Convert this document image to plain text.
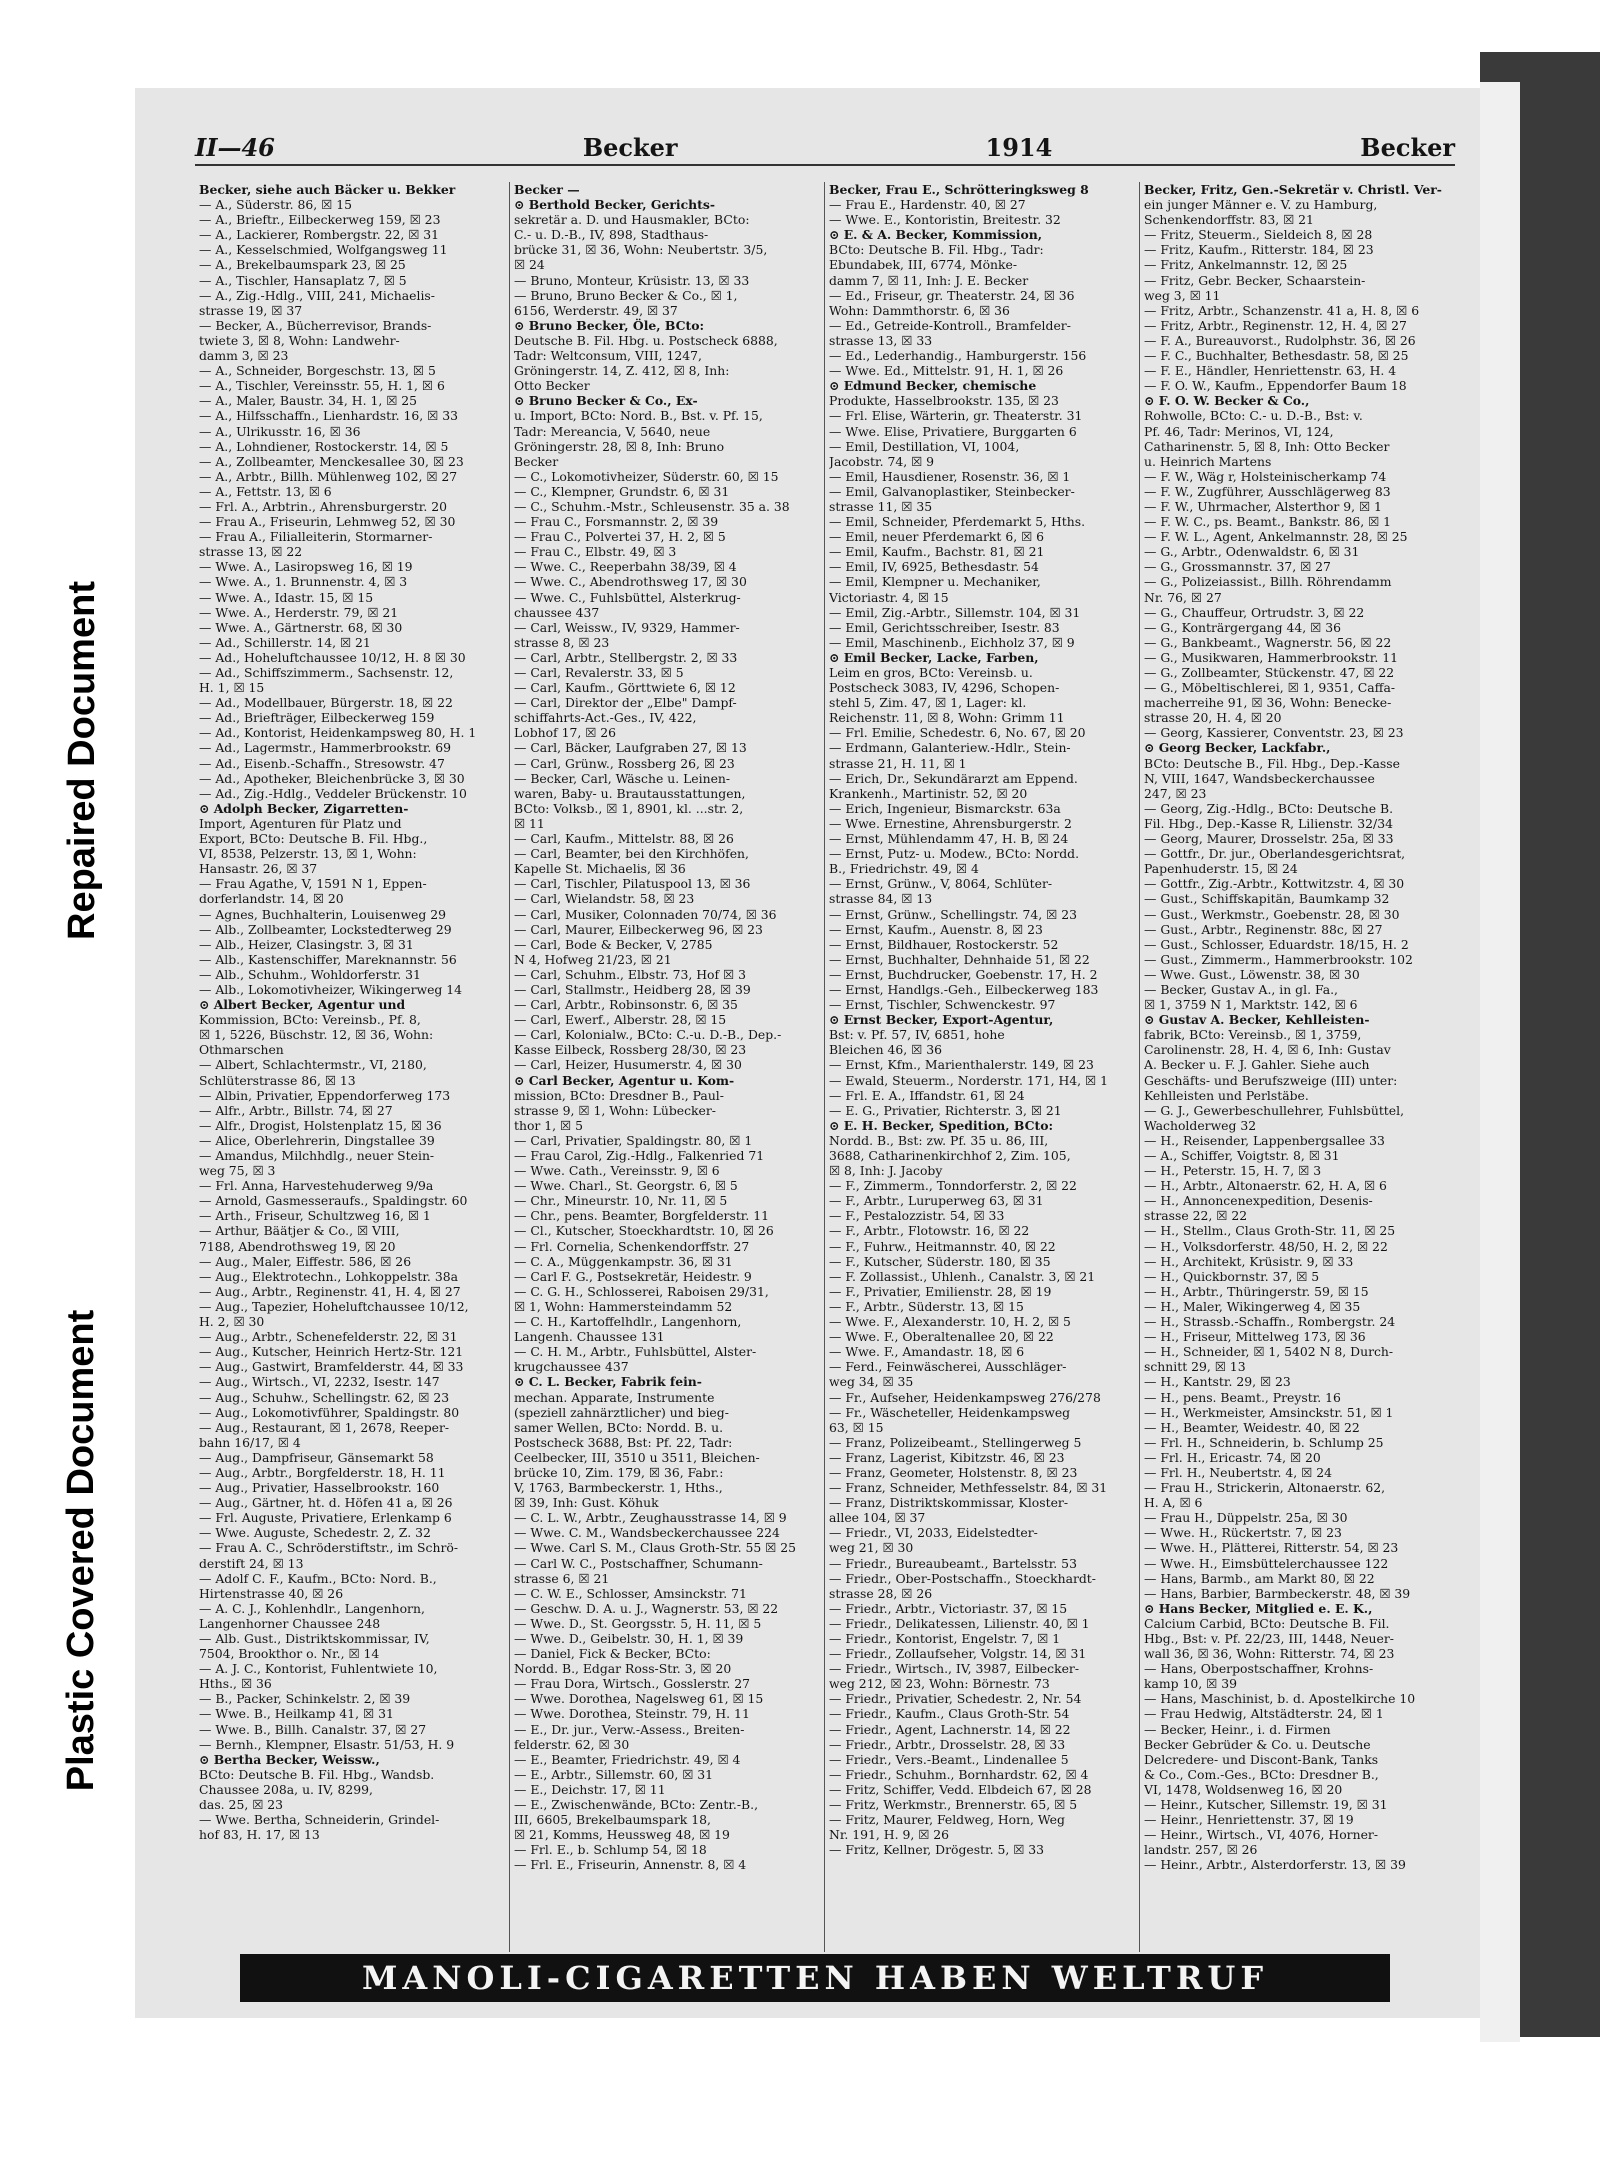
Repaired Document
Plastic Covered Document
II—46	Becker	1914	Becker
Becker, siehe auch Bäcker u. Bekker
— A., Süderstr. 86, ☒ 15
— A., Brieftr., Eilbeckerweg 159, ☒ 23
— A., Lackierer, Rombergstr. 22, ☒ 31
— A., Kesselschmied, Wolfgangsweg 11
— A., Brekelbaumspark 23, ☒ 25
— A., Tischler, Hansaplatz 7, ☒ 5
— A., Zig.-Hdlg., VIII, 241, Michaelis-
strasse 19, ☒ 37
— Becker, A., Bücherrevisor, Brands-
twiete 3, ☒ 8, Wohn: Landwehr-
damm 3, ☒ 23
— A., Schneider, Borgeschstr. 13, ☒ 5
— A., Tischler, Vereinsstr. 55, H. 1, ☒ 6
— A., Maler, Baustr. 34, H. 1, ☒ 25
— A., Hilfsschaffn., Lienhardstr. 16, ☒ 33
— A., Ulrikusstr. 16, ☒ 36
— A., Lohndiener, Rostockerstr. 14, ☒ 5
— A., Zollbeamter, Menckesallee 30, ☒ 23
— A., Arbtr., Billh. Mühlenweg 102, ☒ 27
— A., Fettstr. 13, ☒ 6
— Frl. A., Arbtrin., Ahrensburgerstr. 20
— Frau A., Friseurin, Lehmweg 52, ☒ 30
— Frau A., Filialleiterin, Stormarner-
strasse 13, ☒ 22
— Wwe. A., Lasiropsweg 16, ☒ 19
— Wwe. A., 1. Brunnenstr. 4, ☒ 3
— Wwe. A., Idastr. 15, ☒ 15
— Wwe. A., Herderstr. 79, ☒ 21
— Wwe. A., Gärtnerstr. 68, ☒ 30
— Ad., Schillerstr. 14, ☒ 21
— Ad., Hoheluftchaussee 10/12, H. 8 ☒ 30
— Ad., Schiffszimmerm., Sachsenstr. 12,
H. 1, ☒ 15
— Ad., Modellbauer, Bürgerstr. 18, ☒ 22
— Ad., Briefträger, Eilbeckerweg 159
— Ad., Kontorist, Heidenkampsweg 80, H. 1
— Ad., Lagermstr., Hammerbrookstr. 69
— Ad., Eisenb.-Schaffn., Stresowstr. 47
— Ad., Apotheker, Bleichenbrücke 3, ☒ 30
— Ad., Zig.-Hdlg., Veddeler Brückenstr. 10
⊙ Adolph Becker, Zigarretten-
Import, Agenturen für Platz und
Export, BCto: Deutsche B. Fil. Hbg.,
VI, 8538, Pelzerstr. 13, ☒ 1, Wohn:
Hansastr. 26, ☒ 37
— Frau Agathe, V, 1591 N 1, Eppen-
dorferlandstr. 14, ☒ 20
— Agnes, Buchhalterin, Louisenweg 29
— Alb., Zollbeamter, Lockstedterweg 29
— Alb., Heizer, Clasingstr. 3, ☒ 31
— Alb., Kastenschiffer, Mareknannstr. 56
— Alb., Schuhm., Wohldorferstr. 31
— Alb., Lokomotivheizer, Wikingerweg 14
⊙ Albert Becker, Agentur und
Kommission, BCto: Vereinsb., Pf. 8,
☒ 1, 5226, Büschstr. 12, ☒ 36, Wohn:
Othmarschen
— Albert, Schlachtermstr., VI, 2180,
Schlüterstrasse 86, ☒ 13
— Albin, Privatier, Eppendorferweg 173
— Alfr., Arbtr., Billstr. 74, ☒ 27
— Alfr., Drogist, Holstenplatz 15, ☒ 36
— Alice, Oberlehrerin, Dingstallee 39
— Amandus, Milchhdlg., neuer Stein-
weg 75, ☒ 3
— Frl. Anna, Harvestehuderweg 9/9a
— Arnold, Gasmesseraufs., Spaldingstr. 60
— Arth., Friseur, Schultzweg 16, ☒ 1
— Arthur, Bäätjer & Co., ☒ VIII,
7188, Abendrothsweg 19, ☒ 20
— Aug., Maler, Eiffestr. 586, ☒ 26
— Aug., Elektrotechn., Lohkoppelstr. 38a
— Aug., Arbtr., Reginenstr. 41, H. 4, ☒ 27
— Aug., Tapezier, Hoheluftchaussee 10/12,
H. 2, ☒ 30
— Aug., Arbtr., Schenefelderstr. 22, ☒ 31
— Aug., Kutscher, Heinrich Hertz-Str. 121
— Aug., Gastwirt, Bramfelderstr. 44, ☒ 33
— Aug., Wirtsch., VI, 2232, Isestr. 147
— Aug., Schuhw., Schellingstr. 62, ☒ 23
— Aug., Lokomotivführer, Spaldingstr. 80
— Aug., Restaurant, ☒ 1, 2678, Reeper-
bahn 16/17, ☒ 4
— Aug., Dampfriseur, Gänsemarkt 58
— Aug., Arbtr., Borgfelderstr. 18, H. 11
— Aug., Privatier, Hasselbrookstr. 160
— Aug., Gärtner, ht. d. Höfen 41 a, ☒ 26
— Frl. Auguste, Privatiere, Erlenkamp 6
— Wwe. Auguste, Schedestr. 2, Z. 32
— Frau A. C., Schröderstiftstr., im Schrö-
derstift 24, ☒ 13
— Adolf C. F., Kaufm., BCto: Nord. B.,
Hirtenstrasse 40, ☒ 26
— A. C. J., Kohlenhdlr., Langenhorn,
Langenhorner Chaussee 248
— Alb. Gust., Distriktskommissar, IV,
7504, Brookthor o. Nr., ☒ 14
— A. J. C., Kontorist, Fuhlentwiete 10,
Hths., ☒ 36
— B., Packer, Schinkelstr. 2, ☒ 39
— Wwe. B., Heilkamp 41, ☒ 31
— Wwe. B., Billh. Canalstr. 37, ☒ 27
— Bernh., Klempner, Elsastr. 51/53, H. 9
⊙ Bertha Becker, Weissw.,
BCto: Deutsche B. Fil. Hbg., Wandsb.
Chaussee 208a, u. IV, 8299,
das. 25, ☒ 23
— Wwe. Bertha, Schneiderin, Grindel-
hof 83, H. 17, ☒ 13
Becker —
⊙ Berthold Becker, Gerichts-
sekretär a. D. und Hausmakler, BCto:
C.- u. D.-B., IV, 898, Stadthaus-
brücke 31, ☒ 36, Wohn: Neubertstr. 3/5,
☒ 24
— Bruno, Monteur, Krüsistr. 13, ☒ 33
— Bruno, Bruno Becker & Co., ☒ 1,
6156, Werderstr. 49, ☒ 37
⊙ Bruno Becker, Öle, BCto:
Deutsche B. Fil. Hbg. u. Postscheck 6888,
Tadr: Weltconsum, VIII, 1247,
Gröningerstr. 14, Z. 412, ☒ 8, Inh:
Otto Becker
⊙ Bruno Becker & Co., Ex-
u. Import, BCto: Nord. B., Bst. v. Pf. 15,
Tadr: Mereancia, V, 5640, neue
Gröningerstr. 28, ☒ 8, Inh: Bruno
Becker
— C., Lokomotivheizer, Süderstr. 60, ☒ 15
— C., Klempner, Grundstr. 6, ☒ 31
— C., Schuhm.-Mstr., Schleusenstr. 35 a. 38
— Frau C., Forsmannstr. 2, ☒ 39
— Frau C., Polvertei 37, H. 2, ☒ 5
— Frau C., Elbstr. 49, ☒ 3
— Wwe. C., Reeperbahn 38/39, ☒ 4
— Wwe. C., Abendrothsweg 17, ☒ 30
— Wwe. C., Fuhlsbüttel, Alsterkrug-
chaussee 437
— Carl, Weissw., IV, 9329, Hammer-
strasse 8, ☒ 23
— Carl, Arbtr., Stellbergstr. 2, ☒ 33
— Carl, Revalerstr. 33, ☒ 5
— Carl, Kaufm., Görttwiete 6, ☒ 12
— Carl, Direktor der „Elbe" Dampf-
schiffahrts-Act.-Ges., IV, 422,
Lobhof 17, ☒ 26
— Carl, Bäcker, Laufgraben 27, ☒ 13
— Carl, Grünw., Rossberg 26, ☒ 23
— Becker, Carl, Wäsche u. Leinen-
waren, Baby- u. Brautausstattungen,
BCto: Volksb., ☒ 1, 8901, kl. ...str. 2,
☒ 11
— Carl, Kaufm., Mittelstr. 88, ☒ 26
— Carl, Beamter, bei den Kirchhöfen,
Kapelle St. Michaelis, ☒ 36
— Carl, Tischler, Pilatuspool 13, ☒ 36
— Carl, Wielandstr. 58, ☒ 23
— Carl, Musiker, Colonnaden 70/74, ☒ 36
— Carl, Maurer, Eilbeckerweg 96, ☒ 23
— Carl, Bode & Becker, V, 2785
N 4, Hofweg 21/23, ☒ 21
— Carl, Schuhm., Elbstr. 73, Hof ☒ 3
— Carl, Stallmstr., Heidberg 28, ☒ 39
— Carl, Arbtr., Robinsonstr. 6, ☒ 35
— Carl, Ewerf., Alberstr. 28, ☒ 15
— Carl, Kolonialw., BCto: C.-u. D.-B., Dep.-
Kasse Eilbeck, Rossberg 28/30, ☒ 23
— Carl, Heizer, Husumerstr. 4, ☒ 30
⊙ Carl Becker, Agentur u. Kom-
mission, BCto: Dresdner B., Paul-
strasse 9, ☒ 1, Wohn: Lübecker-
thor 1, ☒ 5
— Carl, Privatier, Spaldingstr. 80, ☒ 1
— Frau Carol, Zig.-Hdlg., Falkenried 71
— Wwe. Cath., Vereinsstr. 9, ☒ 6
— Wwe. Charl., St. Georgstr. 6, ☒ 5
— Chr., Mineurstr. 10, Nr. 11, ☒ 5
— Chr., pens. Beamter, Borgfelderstr. 11
— Cl., Kutscher, Stoeckhardtstr. 10, ☒ 26
— Frl. Cornelia, Schenkendorffstr. 27
— C. A., Müggenkampstr. 36, ☒ 31
— Carl F. G., Postsekretär, Heidestr. 9
— C. G. H., Schlosserei, Raboisen 29/31,
☒ 1, Wohn: Hammersteindamm 52
— C. H., Kartoffelhdlr., Langenhorn,
Langenh. Chaussee 131
— C. H. M., Arbtr., Fuhlsbüttel, Alster-
krugchaussee 437
⊙ C. L. Becker, Fabrik fein-
mechan. Apparate, Instrumente
(speziell zahnärztlicher) und bieg-
samer Wellen, BCto: Nordd. B. u.
Postscheck 3688, Bst: Pf. 22, Tadr:
Ceelbecker, III, 3510 u 3511, Bleichen-
brücke 10, Zim. 179, ☒ 36, Fabr.:
V, 1763, Barmbeckerstr. 1, Hths.,
☒ 39, Inh: Gust. Köhuk
— C. L. W., Arbtr., Zeughausstrasse 14, ☒ 9
— Wwe. C. M., Wandsbeckerchaussee 224
— Wwe. Carl S. M., Claus Groth-Str. 55 ☒ 25
— Carl W. C., Postschaffner, Schumann-
strasse 6, ☒ 21
— C. W. E., Schlosser, Amsinckstr. 71
— Geschw. D. A. u. J., Wagnerstr. 53, ☒ 22
— Wwe. D., St. Georgsstr. 5, H. 11, ☒ 5
— Wwe. D., Geibelstr. 30, H. 1, ☒ 39
— Daniel, Fick & Becker, BCto:
Nordd. B., Edgar Ross-Str. 3, ☒ 20
— Frau Dora, Wirtsch., Gosslerstr. 27
— Wwe. Dorothea, Nagelsweg 61, ☒ 15
— Wwe. Dorothea, Steinstr. 79, H. 11
— E., Dr. jur., Verw.-Assess., Breiten-
felderstr. 62, ☒ 30
— E., Beamter, Friedrichstr. 49, ☒ 4
— E., Arbtr., Sillemstr. 60, ☒ 31
— E., Deichstr. 17, ☒ 11
— E., Zwischenwände, BCto: Zentr.-B.,
III, 6605, Brekelbaumspark 18,
☒ 21, Komms, Heussweg 48, ☒ 19
— Frl. E., b. Schlump 54, ☒ 18
— Frl. E., Friseurin, Annenstr. 8, ☒ 4
Becker, Frau E., Schrötteringksweg 8
— Frau E., Hardenstr. 40, ☒ 27
— Wwe. E., Kontoristin, Breitestr. 32
⊙ E. & A. Becker, Kommission,
BCto: Deutsche B. Fil. Hbg., Tadr:
Ebundabek, III, 6774, Mönke-
damm 7, ☒ 11, Inh: J. E. Becker
— Ed., Friseur, gr. Theaterstr. 24, ☒ 36
Wohn: Dammthorstr. 6, ☒ 36
— Ed., Getreide-Kontroll., Bramfelder-
strasse 13, ☒ 33
— Ed., Lederhandig., Hamburgerstr. 156
— Wwe. Ed., Mittelstr. 91, H. 1, ☒ 26
⊙ Edmund Becker, chemische
Produkte, Hasselbrookstr. 135, ☒ 23
— Frl. Elise, Wärterin, gr. Theaterstr. 31
— Wwe. Elise, Privatiere, Burggarten 6
— Emil, Destillation, VI, 1004,
Jacobstr. 74, ☒ 9
— Emil, Hausdiener, Rosenstr. 36, ☒ 1
— Emil, Galvanoplastiker, Steinbecker-
strasse 11, ☒ 35
— Emil, Schneider, Pferdemarkt 5, Hths.
— Emil, neuer Pferdemarkt 6, ☒ 6
— Emil, Kaufm., Bachstr. 81, ☒ 21
— Emil, IV, 6925, Bethesdastr. 54
— Emil, Klempner u. Mechaniker,
Victoriastr. 4, ☒ 15
— Emil, Zig.-Arbtr., Sillemstr. 104, ☒ 31
— Emil, Gerichtsschreiber, Isestr. 83
— Emil, Maschinenb., Eichholz 37, ☒ 9
⊙ Emil Becker, Lacke, Farben,
Leim en gros, BCto: Vereinsb. u.
Postscheck 3083, IV, 4296, Schopen-
stehl 5, Zim. 47, ☒ 1, Lager: kl.
Reichenstr. 11, ☒ 8, Wohn: Grimm 11
— Frl. Emilie, Schedestr. 6, No. 67, ☒ 20
— Erdmann, Galanteriew.-Hdlr., Stein-
strasse 21, H. 11, ☒ 1
— Erich, Dr., Sekundärarzt am Eppend.
Krankenh., Martinistr. 52, ☒ 20
— Erich, Ingenieur, Bismarckstr. 63a
— Wwe. Ernestine, Ahrensburgerstr. 2
— Ernst, Mühlendamm 47, H. B, ☒ 24
— Ernst, Putz- u. Modew., BCto: Nordd.
B., Friedrichstr. 49, ☒ 4
— Ernst, Grünw., V, 8064, Schlüter-
strasse 84, ☒ 13
— Ernst, Grünw., Schellingstr. 74, ☒ 23
— Ernst, Kaufm., Auenstr. 8, ☒ 23
— Ernst, Bildhauer, Rostockerstr. 52
— Ernst, Buchhalter, Dehnhaide 51, ☒ 22
— Ernst, Buchdrucker, Goebenstr. 17, H. 2
— Ernst, Handlgs.-Geh., Eilbeckerweg 183
— Ernst, Tischler, Schwenckestr. 97
⊙ Ernst Becker, Export-Agentur,
Bst: v. Pf. 57, IV, 6851, hohe
Bleichen 46, ☒ 36
— Ernst, Kfm., Marienthalerstr. 149, ☒ 23
— Ewald, Steuerm., Norderstr. 171, H4, ☒ 1
— Frl. E. A., Iffandstr. 61, ☒ 24
— E. G., Privatier, Richterstr. 3, ☒ 21
⊙ E. H. Becker, Spedition, BCto:
Nordd. B., Bst: zw. Pf. 35 u. 86, III,
3688, Catharinenkirchhof 2, Zim. 105,
☒ 8, Inh: J. Jacoby
— F., Zimmerm., Tonndorferstr. 2, ☒ 22
— F., Arbtr., Luruperweg 63, ☒ 31
— F., Pestalozzistr. 54, ☒ 33
— F., Arbtr., Flotowstr. 16, ☒ 22
— F., Fuhrw., Heitmannstr. 40, ☒ 22
— F., Kutscher, Süderstr. 180, ☒ 35
— F. Zollassist., Uhlenh., Canalstr. 3, ☒ 21
— F., Privatier, Emilienstr. 28, ☒ 19
— F., Arbtr., Süderstr. 13, ☒ 15
— Wwe. F., Alexanderstr. 10, H. 2, ☒ 5
— Wwe. F., Oberaltenallee 20, ☒ 22
— Wwe. F., Amandastr. 18, ☒ 6
— Ferd., Feinwäscherei, Ausschläger-
weg 34, ☒ 35
— Fr., Aufseher, Heidenkampsweg 276/278
— Fr., Wäscheteller, Heidenkampsweg
63, ☒ 15
— Franz, Polizeibeamt., Stellingerweg 5
— Franz, Lagerist, Kibitzstr. 46, ☒ 23
— Franz, Geometer, Holstenstr. 8, ☒ 23
— Franz, Schneider, Methfesselstr. 84, ☒ 31
— Franz, Distriktskommissar, Kloster-
allee 104, ☒ 37
— Friedr., VI, 2033, Eidelstedter-
weg 21, ☒ 30
— Friedr., Bureaubeamt., Bartelsstr. 53
— Friedr., Ober-Postschaffn., Stoeckhardt-
strasse 28, ☒ 26
— Friedr., Arbtr., Victoriastr. 37, ☒ 15
— Friedr., Delikatessen, Lilienstr. 40, ☒ 1
— Friedr., Kontorist, Engelstr. 7, ☒ 1
— Friedr., Zollaufseher, Volgstr. 14, ☒ 31
— Friedr., Wirtsch., IV, 3987, Eilbecker-
weg 212, ☒ 23, Wohn: Börnestr. 73
— Friedr., Privatier, Schedestr. 2, Nr. 54
— Friedr., Kaufm., Claus Groth-Str. 54
— Friedr., Agent, Lachnerstr. 14, ☒ 22
— Friedr., Arbtr., Drosselstr. 28, ☒ 33
— Friedr., Vers.-Beamt., Lindenallee 5
— Friedr., Schuhm., Bornhardstr. 62, ☒ 4
— Fritz, Schiffer, Vedd. Elbdeich 67, ☒ 28
— Fritz, Werkmstr., Brennerstr. 65, ☒ 5
— Fritz, Maurer, Feldweg, Horn, Weg
Nr. 191, H. 9, ☒ 26
— Fritz, Kellner, Drögestr. 5, ☒ 33
Becker, Fritz, Gen.-Sekretär v. Christl. Ver-
ein junger Männer e. V. zu Hamburg,
Schenkendorffstr. 83, ☒ 21
— Fritz, Steuerm., Sieldeich 8, ☒ 28
— Fritz, Kaufm., Ritterstr. 184, ☒ 23
— Fritz, Ankelmannstr. 12, ☒ 25
— Fritz, Gebr. Becker, Schaarstein-
weg 3, ☒ 11
— Fritz, Arbtr., Schanzenstr. 41 a, H. 8, ☒ 6
— Fritz, Arbtr., Reginenstr. 12, H. 4, ☒ 27
— F. A., Bureauvorst., Rudolphstr. 36, ☒ 26
— F. C., Buchhalter, Bethesdastr. 58, ☒ 25
— F. E., Händler, Henriettenstr. 63, H. 4
— F. O. W., Kaufm., Eppendorfer Baum 18
⊙ F. O. W. Becker & Co.,
Rohwolle, BCto: C.- u. D.-B., Bst: v.
Pf. 46, Tadr: Merinos, VI, 124,
Catharinenstr. 5, ☒ 8, Inh: Otto Becker
u. Heinrich Martens
— F. W., Wäg r, Holsteinischerkamp 74
— F. W., Zugführer, Ausschlägerweg 83
— F. W., Uhrmacher, Alsterthor 9, ☒ 1
— F. W. C., ps. Beamt., Bankstr. 86, ☒ 1
— F. W. L., Agent, Ankelmannstr. 28, ☒ 25
— G., Arbtr., Odenwaldstr. 6, ☒ 31
— G., Grossmannstr. 37, ☒ 27
— G., Polizeiassist., Billh. Röhrendamm
Nr. 76, ☒ 27
— G., Chauffeur, Ortrudstr. 3, ☒ 22
— G., Konträrgergang 44, ☒ 36
— G., Bankbeamt., Wagnerstr. 56, ☒ 22
— G., Musikwaren, Hammerbrookstr. 11
— G., Zollbeamter, Stückenstr. 47, ☒ 22
— G., Möbeltischlerei, ☒ 1, 9351, Caffa-
macherreihe 91, ☒ 36, Wohn: Benecke-
strasse 20, H. 4, ☒ 20
— Georg, Kassierer, Conventstr. 23, ☒ 23
⊙ Georg Becker, Lackfabr.,
BCto: Deutsche B., Fil. Hbg., Dep.-Kasse
N, VIII, 1647, Wandsbeckerchaussee
247, ☒ 23
— Georg, Zig.-Hdlg., BCto: Deutsche B.
Fil. Hbg., Dep.-Kasse R, Lilienstr. 32/34
— Georg, Maurer, Drosselstr. 25a, ☒ 33
— Gottfr., Dr. jur., Oberlandesgerichtsrat,
Papenhuderstr. 15, ☒ 24
— Gottfr., Zig.-Arbtr., Kottwitzstr. 4, ☒ 30
— Gust., Schiffskapitän, Baumkamp 32
— Gust., Werkmstr., Goebenstr. 28, ☒ 30
— Gust., Arbtr., Reginenstr. 88c, ☒ 27
— Gust., Schlosser, Eduardstr. 18/15, H. 2
— Gust., Zimmerm., Hammerbrookstr. 102
— Wwe. Gust., Löwenstr. 38, ☒ 30
— Becker, Gustav A., in gl. Fa.,
☒ 1, 3759 N 1, Marktstr. 142, ☒ 6
⊙ Gustav A. Becker, Kehlleisten-
fabrik, BCto: Vereinsb., ☒ 1, 3759,
Carolinenstr. 28, H. 4, ☒ 6, Inh: Gustav
A. Becker u. F. J. Gahler. Siehe auch
Geschäfts- und Berufszweige (III) unter:
Kehlleisten und Perlstäbe.
— G. J., Gewerbeschullehrer, Fuhlsbüttel,
Wacholderweg 32
— H., Reisender, Lappenbergsallee 33
— A., Schiffer, Voigtstr. 8, ☒ 31
— H., Peterstr. 15, H. 7, ☒ 3
— H., Arbtr., Altonaerstr. 62, H. A, ☒ 6
— H., Annoncenexpedition, Desenis-
strasse 22, ☒ 22
— H., Stellm., Claus Groth-Str. 11, ☒ 25
— H., Volksdorferstr. 48/50, H. 2, ☒ 22
— H., Architekt, Krüsistr. 9, ☒ 33
— H., Quickbornstr. 37, ☒ 5
— H., Arbtr., Thüringerstr. 59, ☒ 15
— H., Maler, Wikingerweg 4, ☒ 35
— H., Strassb.-Schaffn., Rombergstr. 24
— H., Friseur, Mittelweg 173, ☒ 36
— H., Schneider, ☒ 1, 5402 N 8, Durch-
schnitt 29, ☒ 13
— H., Kantstr. 29, ☒ 23
— H., pens. Beamt., Preystr. 16
— H., Werkmeister, Amsinckstr. 51, ☒ 1
— H., Beamter, Weidestr. 40, ☒ 22
— Frl. H., Schneiderin, b. Schlump 25
— Frl. H., Ericastr. 74, ☒ 20
— Frl. H., Neubertstr. 4, ☒ 24
— Frau H., Strickerin, Altonaerstr. 62,
H. A, ☒ 6
— Frau H., Düppelstr. 25a, ☒ 30
— Wwe. H., Rückertstr. 7, ☒ 23
— Wwe. H., Plätterei, Ritterstr. 54, ☒ 23
— Wwe. H., Eimsbüttelerchaussee 122
— Hans, Barmb., am Markt 80, ☒ 22
— Hans, Barbier, Barmbeckerstr. 48, ☒ 39
⊙ Hans Becker, Mitglied e. E. K.,
Calcium Carbid, BCto: Deutsche B. Fil.
Hbg., Bst: v. Pf. 22/23, III, 1448, Neuer-
wall 36, ☒ 36, Wohn: Ritterstr. 74, ☒ 23
— Hans, Oberpostschaffner, Krohns-
kamp 10, ☒ 39
— Hans, Maschinist, b. d. Apostelkirche 10
— Frau Hedwig, Altstädterstr. 24, ☒ 1
— Becker, Heinr., i. d. Firmen
Becker Gebrüder & Co. u. Deutsche
Delcredere- und Discont-Bank, Tanks
& Co., Com.-Ges., BCto: Dresdner B.,
VI, 1478, Woldsenweg 16, ☒ 20
— Heinr., Kutscher, Sillemstr. 19, ☒ 31
— Heinr., Henriettenstr. 37, ☒ 19
— Heinr., Wirtsch., VI, 4076, Horner-
landstr. 257, ☒ 26
— Heinr., Arbtr., Alsterdorferstr. 13, ☒ 39
MANOLI-CIGARETTEN HABEN WELTRUF
